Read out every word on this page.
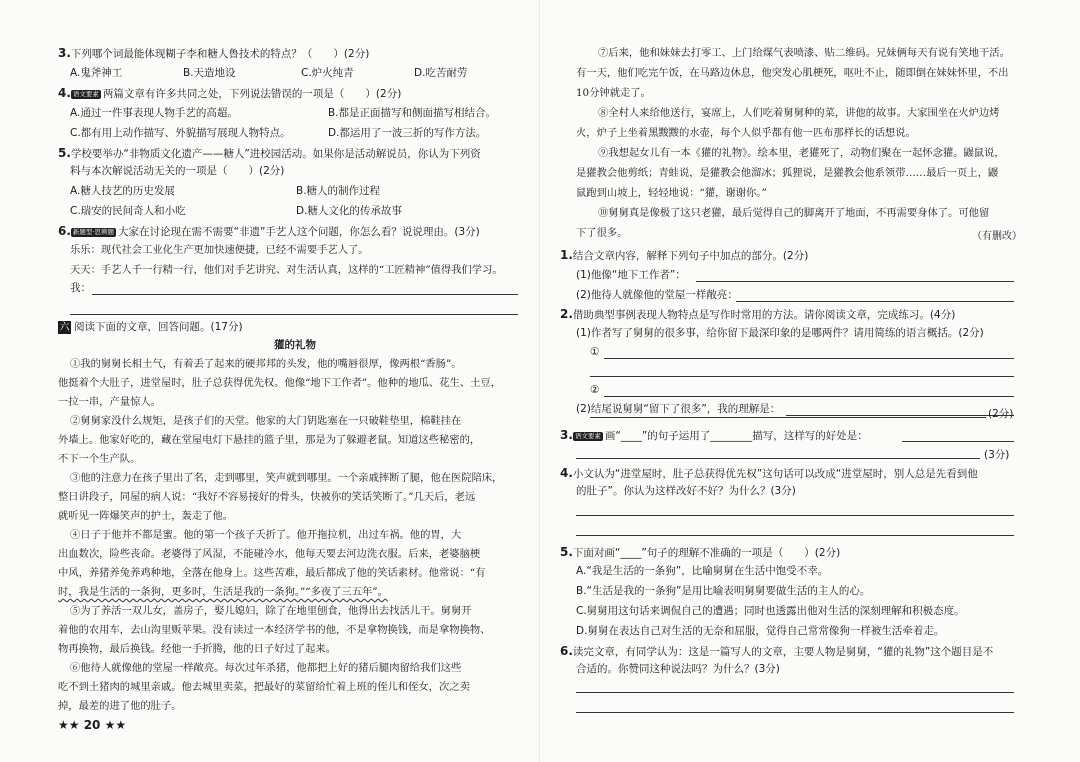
3.下列哪个词最能体现糊子李和糖人鲁技术的特点？（　　）(2分)
A.鬼斧神工	B.天造地设	C.炉火纯青	D.吃苦耐劳
4. 语文要素 两篇文章有许多共同之处，下列说法错误的一项是（　　）(2分)
A.通过一件事表现人物手艺的高超。	B.都是正面描写和侧面描写相结合。
C.都有用上动作描写、外貌描写展现人物特点。	D.都运用了一波三折的写作方法。
5.学校要举办“非物质文化遗产——糖人”进校园活动。如果你是活动解说员，你认为下列资
料与本次解说活动无关的一项是（　　）(2分)
A.糖人技艺的历史发展	B.糖人的制作过程
C.瑞安的民间奇人和小吃	D.糖人文化的传承故事
6. 新题型·思辨题 大家在讨论现在需不需要“非遗”手艺人这个问题，你怎么看？说说理由。(3分)
乐乐：现代社会工业化生产更加快速便捷，已经不需要手艺人了。
天天：手艺人千一行精一行，他们对手艺讲究、对生活认真，这样的“工匠精神”值得我们学习。
我：
六 阅读下面的文章，回答问题。(17分)
獾的礼物
①我的舅舅长相土气，有着丢了起来的硬邦邦的头发，他的嘴唇很厚，像两根“香肠”。
他挺着个大肚子，进堂屋时，肚子总获得优先权。他像“地下工作者”。他种的地瓜、花生、土豆，
一拉一串，产量惊人。
②舅舅家没什么规矩，是孩子们的天堂。他家的大门钥匙塞在一只破鞋垫里，棉鞋挂在
外墙上。他家好吃的，藏在堂屋电灯下悬挂的篮子里，那是为了躲避老鼠。知道这些秘密的，
不下一个生产队。
③他的注意力在孩子里出了名，走到哪里，笑声就到哪里。一个亲戚摔断了腿，他在医院陪床，
整日讲段子，同屋的病人说：“我好不容易接好的骨头，快被你的笑话笑断了。”几天后，老远
就听见一阵爆笑声的护士，轰走了他。
④日子于他并不都是蜜。他的第一个孩子夭折了。他开拖拉机，出过车祸。他的胃，大
出血数次，险些丧命。老婆得了风湿，不能碰冷水，他每天要去河边洗衣服。后来，老婆脑梗
中风，养猪养兔养鸡种地，全落在他身上。这些苦难，最后都成了他的笑话素材。他常说：“有
时，我是生活的一条狗，更多时，生活是我的一条狗。”“多夜了三五年”。
⑤为了养活一双儿女，盖房子，娶儿媳妇，除了在地里刨食，他得出去找活儿干。舅舅开
着他的农用车，去山沟里贩苹果。没有读过一本经济学书的他，不是拿物换钱，而是拿物换物、
物再换物，最后换钱。经他一手折腾，他的日子好过了起来。
⑥他待人就像他的堂屋一样敞亮。每次过年杀猪，他都把上好的猪后腿肉留给我们这些
吃不到土猪肉的城里亲戚。他去城里卖菜，把最好的菜留给忙着上班的侄儿和侄女，次之卖
掉，最差的进了他的肚子。
⑦后来，他和妹妹去打零工、上门给煤气表喷漆、贴二维码。兄妹俩每天有说有笑地干活。
有一天，他们吃完午饭，在马路边休息，他突发心肌梗死，呕吐不止，随即倒在妹妹怀里，不出
10分钟就走了。
⑧全村人来给他送行，宴席上，人们吃着舅舅种的菜，讲他的故事。大家围坐在火炉边烤
火，炉子上坐着黑黢黢的水壶，每个人似乎都有他一匹布那样长的话想说。
⑨我想起女儿有一本《獾的礼物》。绘本里，老獾死了，动物们聚在一起怀念獾。鼹鼠说，
是獾教会他剪纸；青蛙说，是獾教会他溜冰；狐狸说，是獾教会他系领带……最后一页上，鼹
鼠跑到山坡上，轻轻地说：“獾，谢谢你。”
⑩舅舅真是像极了这只老獾，最后觉得自己的脚离开了地面，不再需要身体了。可他留
下了很多。	（有删改）
1.结合文章内容，解释下列句子中加点的部分。(2分)
(1)他像“地下工作者”：
(2)他待人就像他的堂屋一样敞亮：
2.借助典型事例表现人物特点是写作时常用的方法。请你阅读文章，完成练习。(4分)
(1)作者写了舅舅的很多事，给你留下最深印象的是哪两件？请用简练的语言概括。(2分)
①
②
(2)结尾说舅舅“留下了很多”，我的理解是：	(2分)
3. 语文要素 画“____”的句子运用了________描写，这样写的好处是：
(3分)
4.小文认为“进堂屋时，肚子总获得优先权”这句话可以改成“进堂屋时，别人总是先看到他
的肚子”。你认为这样改好不好？为什么？(3分)
5.下面对画“____”句子的理解不准确的一项是（　　）(2分)
A.“我是生活的一条狗”，比喻舅舅在生活中饱受不幸。
B.“生活是我的一条狗”是用比喻表明舅舅要做生活的主人的心。
C.舅舅用这句话来调侃自己的遭遇；同时也透露出他对生活的深刻理解和积极态度。
D.舅舅在表达自己对生活的无奈和屈服，觉得自己常常像狗一样被生活牵着走。
6.读完文章，有同学认为：这是一篇写人的文章，主要人物是舅舅，“獾的礼物”这个题目是不
合适的。你赞同这种说法吗？为什么？(3分)
★★ 20 ★★
